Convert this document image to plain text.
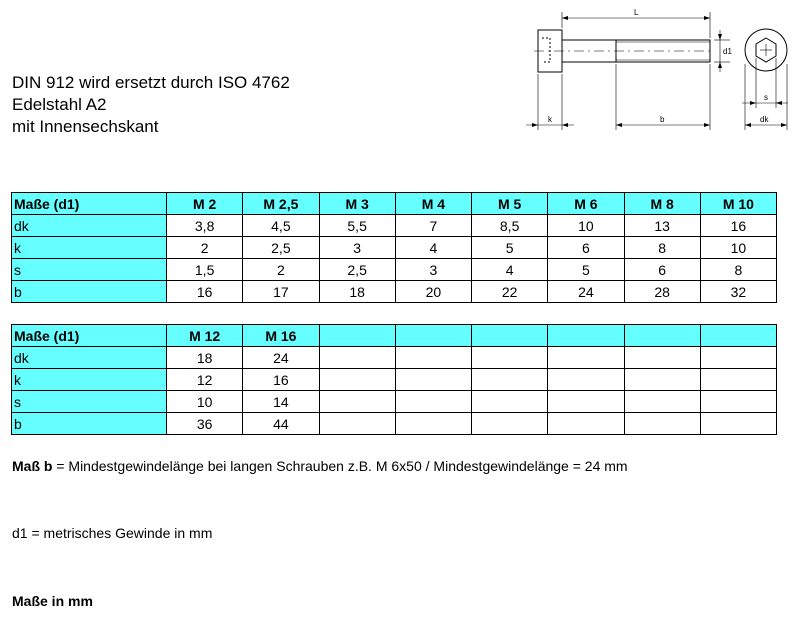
DIN 912 wird ersetzt durch ISO 4762
Edelstahl A2
mit Innensechskant
L
d1
k	b
s
dk
Maße (d1)	M 2	M 2,5	M 3	M 4	M 5	M 6	M 8	M 10
dk	3,8	4,5	5,5	7	8,5	10	13	16
k	2	2,5	3	4	5	6	8	10
s	1,5	2	2,5	3	4	5	6	8
b	16	17	18	20	22	24	28	32
Maße (d1)	M 12	M 16						
dk	18	24						
k	12	16						
s	10	14						
b	36	44						
Maß b = Mindestgewindelänge bei langen Schrauben z.B. M 6x50 / Mindestgewindelänge = 24 mm
d1 = metrisches Gewinde in mm
Maße in mm
